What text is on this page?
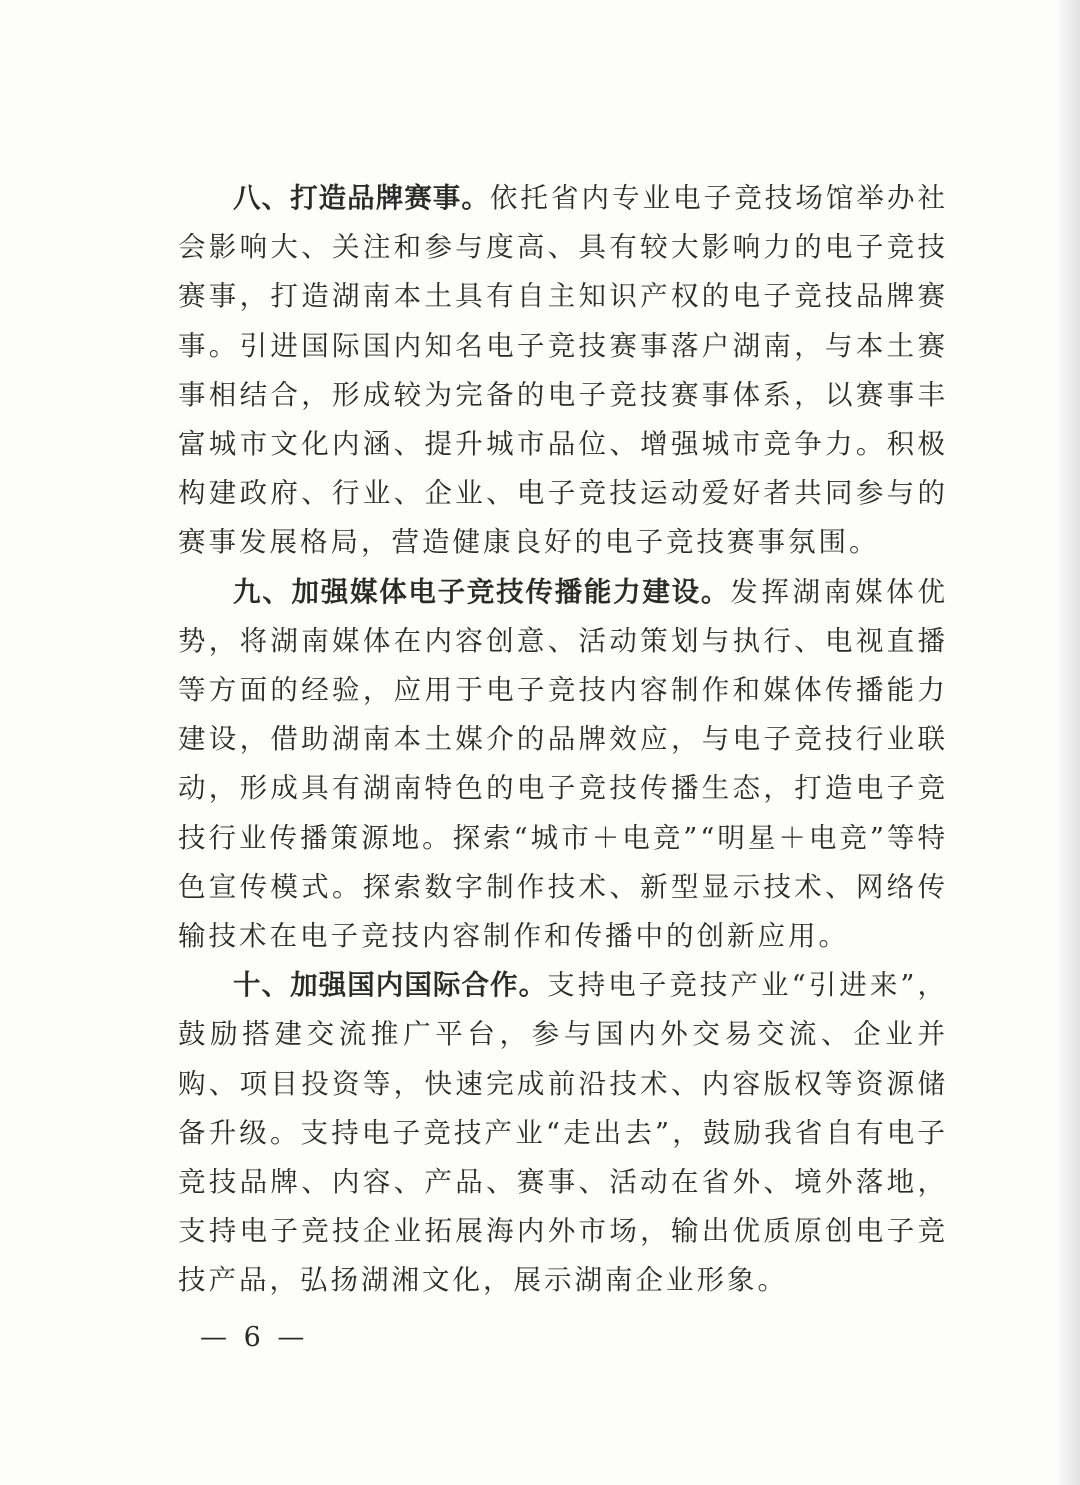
八、打造品牌赛事。依托省内专业电子竞技场馆举办社会影响大、关注和参与度高、具有较大影响力的电子竞技赛事，打造湖南本土具有自主知识产权的电子竞技品牌赛事。引进国际国内知名电子竞技赛事落户湖南，与本土赛事相结合，形成较为完备的电子竞技赛事体系，以赛事丰富城市文化内涵、提升城市品位、增强城市竞争力。积极构建政府、行业、企业、电子竞技运动爱好者共同参与的赛事发展格局，营造健康良好的电子竞技赛事氛围。

九、加强媒体电子竞技传播能力建设。发挥湖南媒体优势，将湖南媒体在内容创意、活动策划与执行、电视直播等方面的经验，应用于电子竞技内容制作和媒体传播能力建设，借助湖南本土媒介的品牌效应，与电子竞技行业联动，形成具有湖南特色的电子竞技传播生态，打造电子竞技行业传播策源地。探索“城市＋电竞”“明星＋电竞”等特色宣传模式。探索数字制作技术、新型显示技术、网络传输技术在电子竞技内容制作和传播中的创新应用。

十、加强国内国际合作。支持电子竞技产业“引进来”，鼓励搭建交流推广平台，参与国内外交易交流、企业并购、项目投资等，快速完成前沿技术、内容版权等资源储备升级。支持电子竞技产业“走出去”，鼓励我省自有电子竞技品牌、内容、产品、赛事、活动在省外、境外落地，支持电子竞技企业拓展海内外市场，输出优质原创电子竞技产品，弘扬湖湘文化，展示湖南企业形象。

— 6 —
